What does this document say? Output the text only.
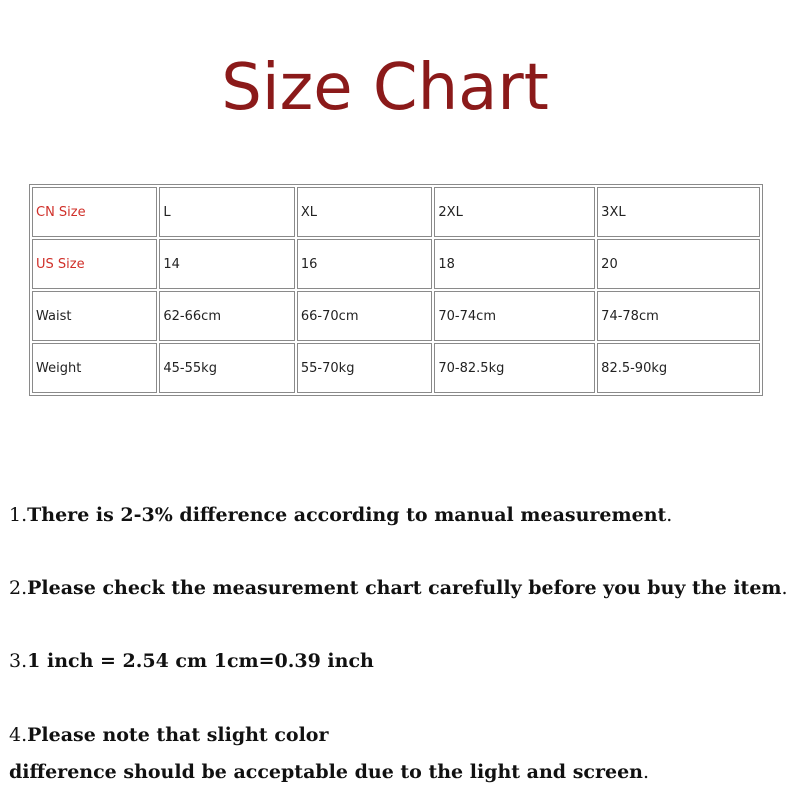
Size Chart
CN Size	L	XL	2XL	3XL
US Size	14	16	18	20
Waist	62-66cm	66-70cm	70-74cm	74-78cm
Weight	45-55kg	55-70kg	70-82.5kg	82.5-90kg
1.There is 2-3% difference according to manual measurement.
2.Please check the measurement chart carefully before you buy the item.
3.1 inch = 2.54 cm 1cm=0.39 inch
4.Please note that slight color
difference should be acceptable due to the light and screen.
